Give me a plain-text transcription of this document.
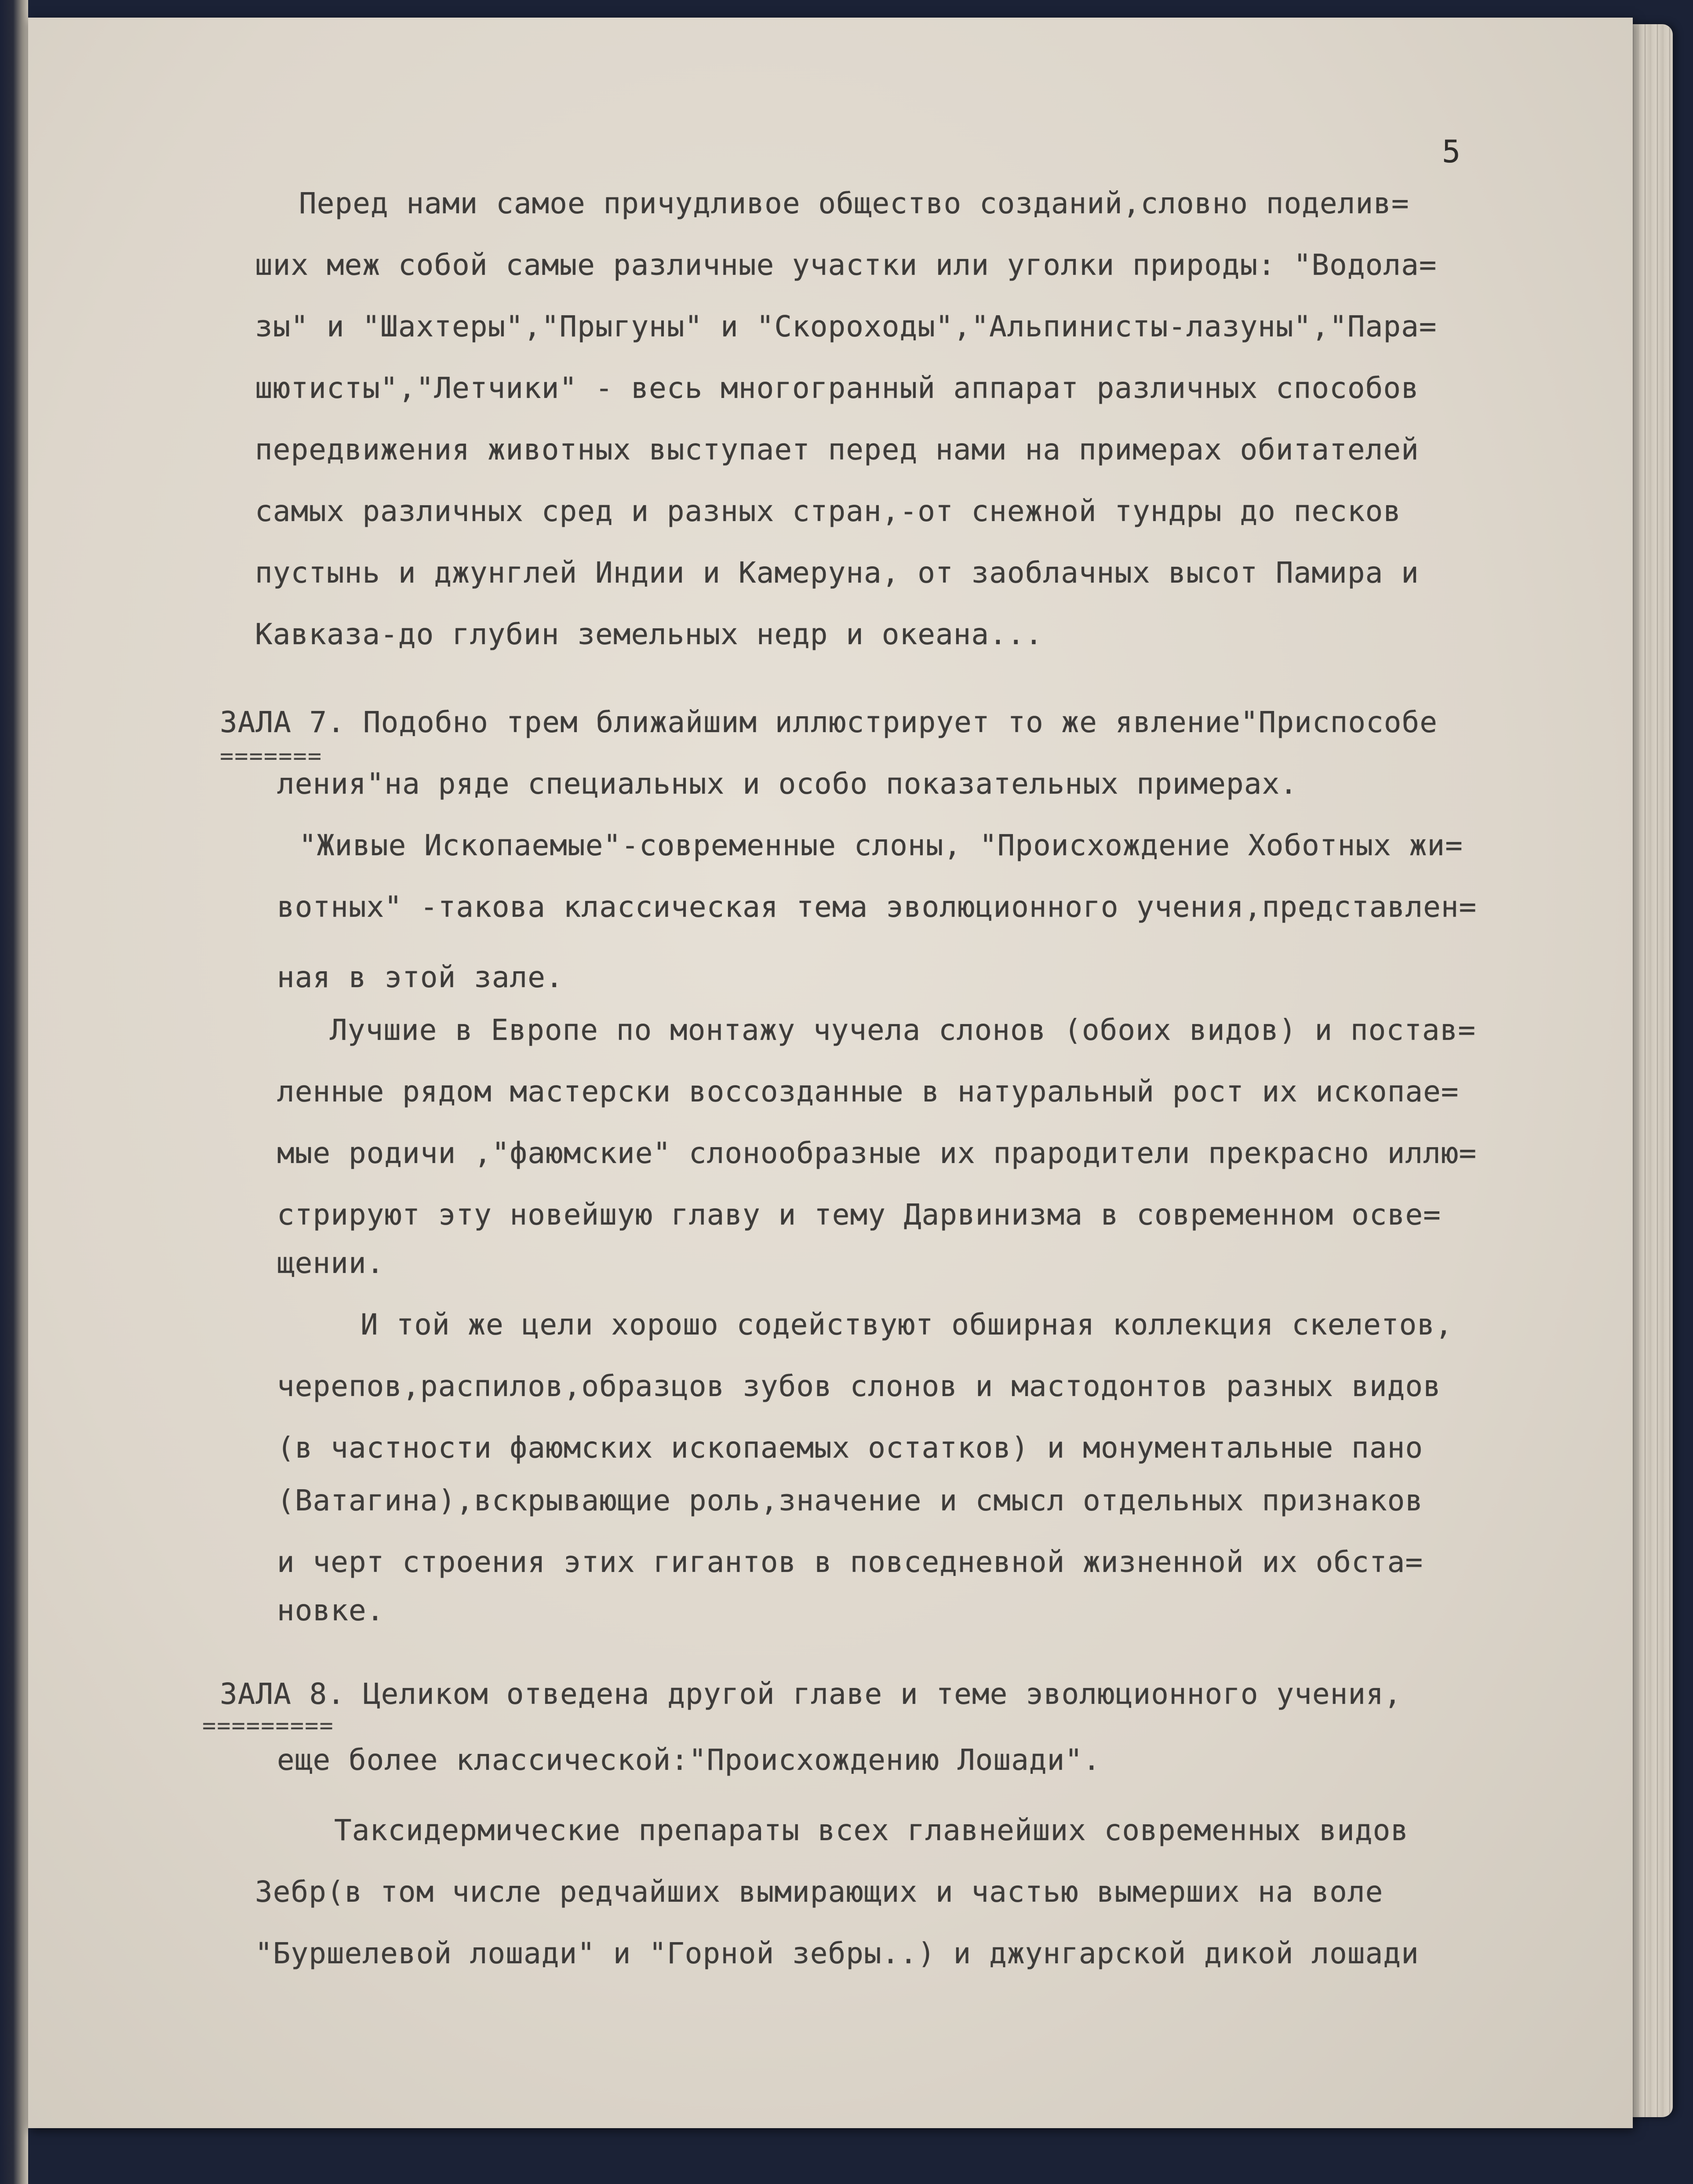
5
Перед нами самое причудливое общество созданий,словно поделив=
ших меж собой самые различные участки или уголки природы: "Водола=
зы" и "Шахтеры","Прыгуны" и "Скороходы","Альпинисты-лазуны","Пара=
шютисты","Летчики" - весь многогранный аппарат различных способов
передвижения животных выступает перед нами на примерах обитателей
самых различных сред и разных стран,-от снежной тундры до песков
пустынь и джунглей Индии и Камеруна, от заоблачных высот Памира и
Кавказа-до глубин земельных недр и океана...
ЗАЛА 7. Подобно трем ближайшим иллюстрирует то же явление"Приспособе
=======
ления"на ряде специальных и особо показательных примерах.
"Живые Ископаемые"-современные слоны, "Происхождение Хоботных жи=
вотных" -такова классическая тема эволюционного учения,представлен=
ная в этой зале.
Лучшие в Европе по монтажу чучела слонов (обоих видов) и постав=
ленные рядом мастерски воссозданные в натуральный рост их ископае=
мые родичи ,"фаюмские" слонообразные их прародители прекрасно иллю=
стрируют эту новейшую главу и тему Дарвинизма в современном осве=
щении.
И той же цели хорошо содействуют обширная коллекция скелетов,
черепов,распилов,образцов зубов слонов и мастодонтов разных видов
(в частности фаюмских ископаемых остатков) и монументальные пано
(Ватагина),вскрывающие роль,значение и смысл отдельных признаков
и черт строения этих гигантов в повседневной жизненной их обста=
новке.
ЗАЛА 8. Целиком отведена другой главе и теме эволюционного учения,
=========
еще более классической:"Происхождению Лошади".
Таксидермические препараты всех главнейших современных видов
Зебр(в том числе редчайших вымирающих и частью вымерших на воле
"Буршелевой лошади" и "Горной зебры..) и джунгарской дикой лошади
